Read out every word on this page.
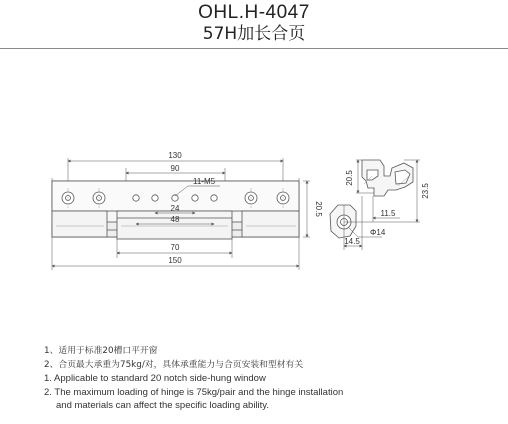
OHL.H-4047
57H加长合页
130
90
11-M5
24
48
70
150
20.5
20.5
23.5
11.5
14.5
Φ14
1、适用于标准20槽口平开窗
2、合页最大承重为75kg/对，具体承重能力与合页安装和型材有关
1. Applicable to standard 20 notch side-hung window
2. The maximum loading of hinge is 75kg/pair and the hinge installation
and materials can affect the specific loading ability.
